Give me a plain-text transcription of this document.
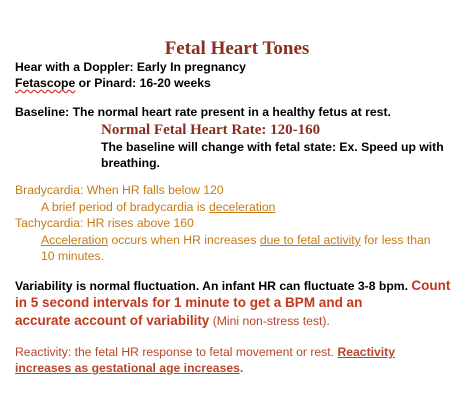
Fetal Heart Tones
Hear with a Doppler: Early In pregnancy
Fetascope or Pinard: 16-20 weeks
Baseline: The normal heart rate present in a healthy fetus at rest.
Normal Fetal Heart Rate: 120-160
The baseline will change with fetal state: Ex. Speed up with
breathing.
Bradycardia: When HR falls below 120
A brief period of bradycardia is deceleration
Tachycardia: HR rises above 160
Acceleration occurs when HR increases due to fetal activity for less than
10 minutes.
Variability is normal fluctuation. An infant HR can fluctuate 3-8 bpm. Count
in 5 second intervals for 1 minute to get a BPM and an
accurate account of variability (Mini non-stress test).
Reactivity: the fetal HR response to fetal movement or rest. Reactivity
increases as gestational age increases.
